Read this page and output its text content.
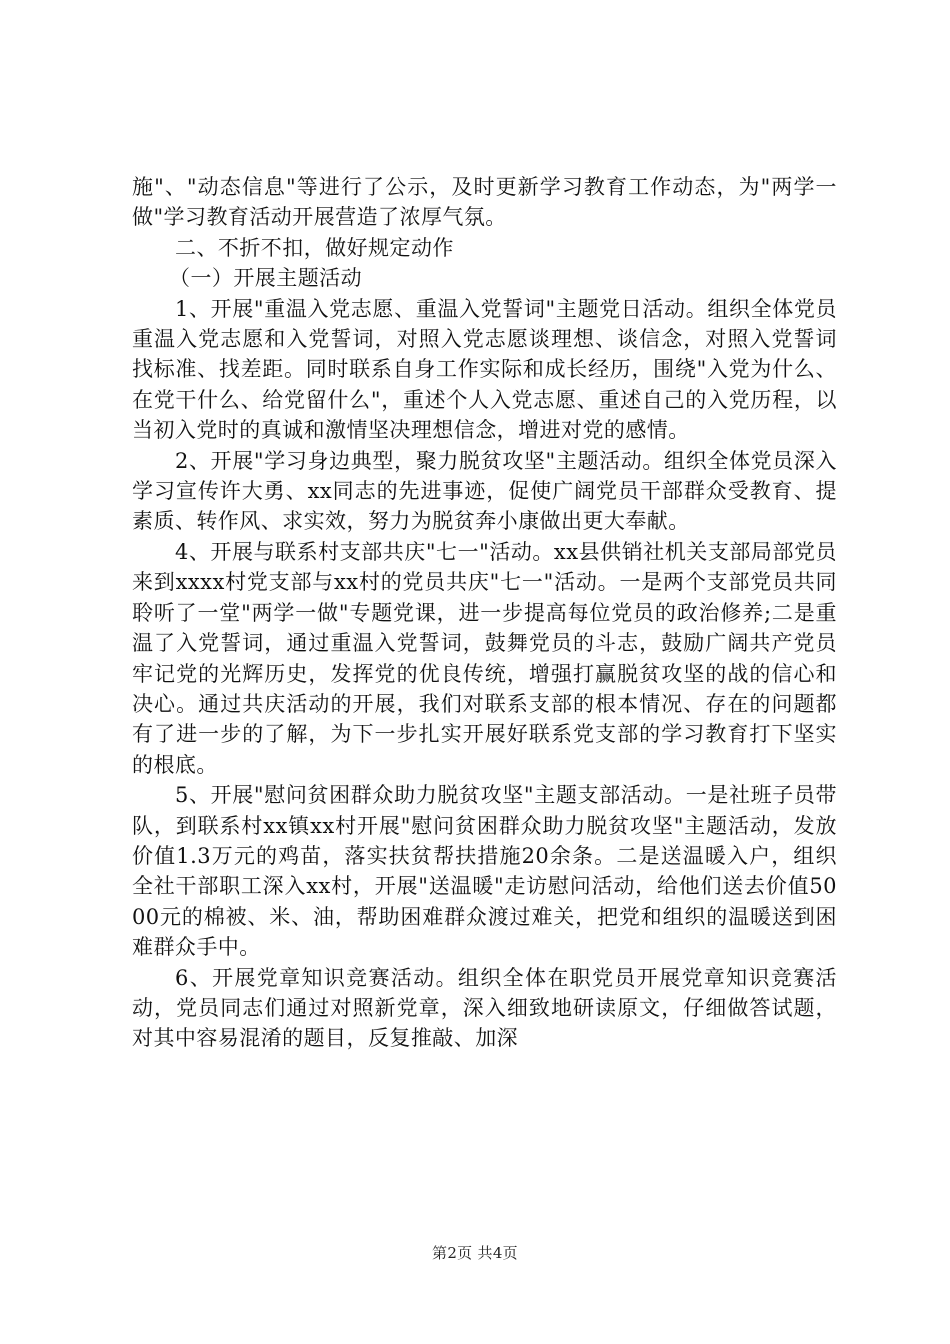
施"、"动态信息"等进行了公示，及时更新学习教育工作动态，为"两学一做"学习教育活动开展营造了浓厚气氛。

二、不折不扣，做好规定动作

（一）开展主题活动

1、开展"重温入党志愿、重温入党誓词"主题党日活动。组织全体党员重温入党志愿和入党誓词，对照入党志愿谈理想、谈信念，对照入党誓词找标准、找差距。同时联系自身工作实际和成长经历，围绕"入党为什么、在党干什么、给党留什么"，重述个人入党志愿、重述自己的入党历程，以当初入党时的真诚和激情坚决理想信念，增进对党的感情。

2、开展"学习身边典型，聚力脱贫攻坚"主题活动。组织全体党员深入学习宣传许大勇、xx同志的先进事迹，促使广阔党员干部群众受教育、提素质、转作风、求实效，努力为脱贫奔小康做出更大奉献。

4、开展与联系村支部共庆"七一"活动。xx县供销社机关支部局部党员来到xxxx村党支部与xx村的党员共庆"七一"活动。一是两个支部党员共同聆听了一堂"两学一做"专题党课，进一步提高每位党员的政治修养;二是重温了入党誓词，通过重温入党誓词，鼓舞党员的斗志，鼓励广阔共产党员牢记党的光辉历史，发挥党的优良传统，增强打赢脱贫攻坚的战的信心和决心。通过共庆活动的开展，我们对联系支部的根本情况、存在的问题都有了进一步的了解，为下一步扎实开展好联系党支部的学习教育打下坚实的根底。

5、开展"慰问贫困群众助力脱贫攻坚"主题支部活动。一是社班子员带队，到联系村xx镇xx村开展"慰问贫困群众助力脱贫攻坚"主题活动，发放价值1.3万元的鸡苗，落实扶贫帮扶措施20余条。二是送温暖入户，组织全社干部职工深入xx村，开展"送温暖"走访慰问活动，给他们送去价值5000元的棉被、米、油，帮助困难群众渡过难关，把党和组织的温暖送到困难群众手中。

6、开展党章知识竞赛活动。组织全体在职党员开展党章知识竞赛活动，党员同志们通过对照新党章，深入细致地研读原文，仔细做答试题，对其中容易混淆的题目，反复推敲、加深

第2页 共4页
